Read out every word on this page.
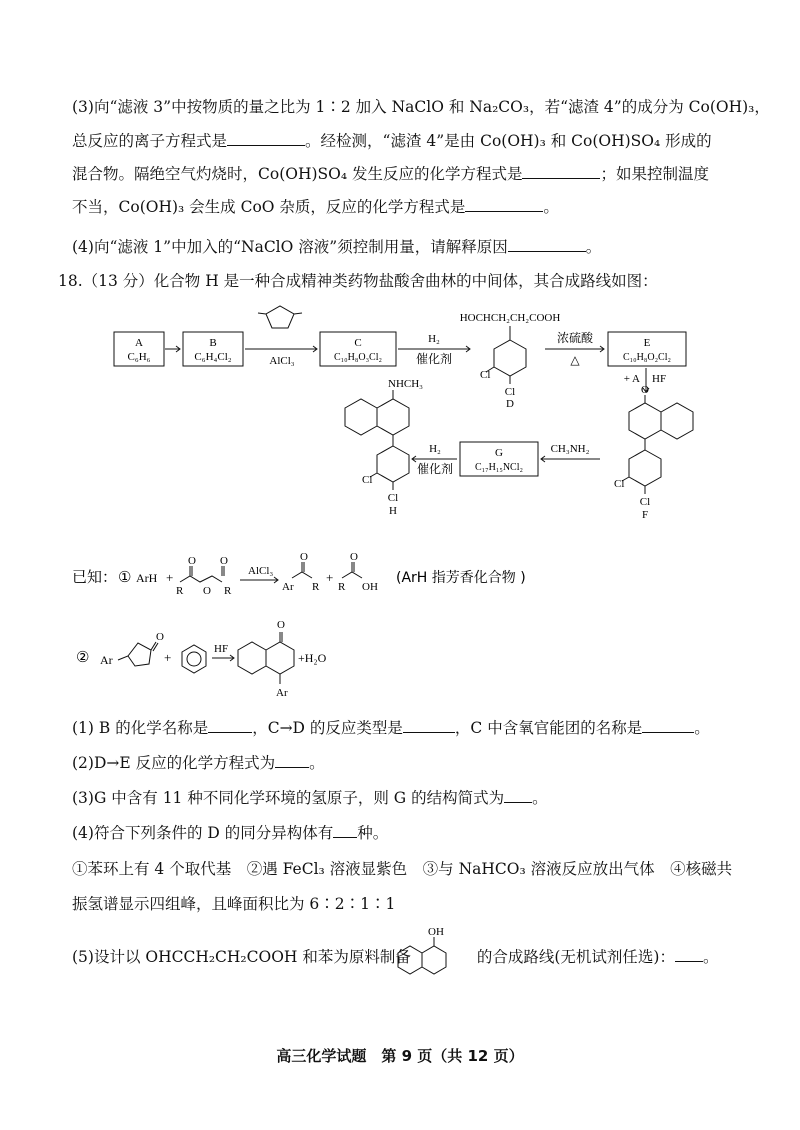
(3)向“滤液 3”中按物质的量之比为 1∶2 加入 NaClO 和 Na₂CO₃，若“滤渣 4”的成分为 Co(OH)₃，
总反应的离子方程式是	。经检测，“滤渣 4”是由 Co(OH)₃ 和 Co(OH)SO₄ 形成的
混合物。隔绝空气灼烧时，Co(OH)SO₄ 发生反应的化学方程式是	；如果控制温度
不当，Co(OH)₃ 会生成 CoO 杂质，反应的化学方程式是	。
(4)向“滤液 1”中加入的“NaClO 溶液”须控制用量，请解释原因	。
18.（13 分）化合物 H 是一种合成精神类药物盐酸舍曲林的中间体，其合成路线如图：
A
C₆H₆
B
C₆H₄Cl₂	AlCl₃
C
C₁₀H₈O₃Cl₂
H₂
催化剂
HOCHCH₂CH₂COOH
Cl
Cl
D
浓硫酸
△
E
C₁₀H₈O₂Cl₂
+ A HF
O
Cl
Cl
F
CH₃NH₂
G
C₁₇H₁₅NCl₂
H₂
催化剂
NHCH₃
Cl
Cl
H
已知： ① ArH +
O O
R O R
AlCl₃
Ar
O
R
+
R
O
OH
(ArH 指芳香化合物 )
② Ar
O
+
HF
O
+H₂O
Ar
(1) B 的化学名称是	，C→D 的反应类型是	，C 中含氧官能团的名称是	。
(2)D→E 反应的化学方程式为 。
(3)G 中含有 11 种不同化学环境的氢原子，则 G 的结构简式为 。
(4)符合下列条件的 D 的同分异构体有 种。
①苯环上有 4 个取代基　②遇 FeCl₃ 溶液显紫色　③与 NaHCO₃ 溶液反应放出气体　④核磁共
振氢谱显示四组峰，且峰面积比为 6∶2∶1∶1
(5)设计以 OHCCH₂CH₂COOH 和苯为原料制备	的合成路线(无机试剂任选)： 。
OH
高三化学试题　第 9 页（共 12 页）
